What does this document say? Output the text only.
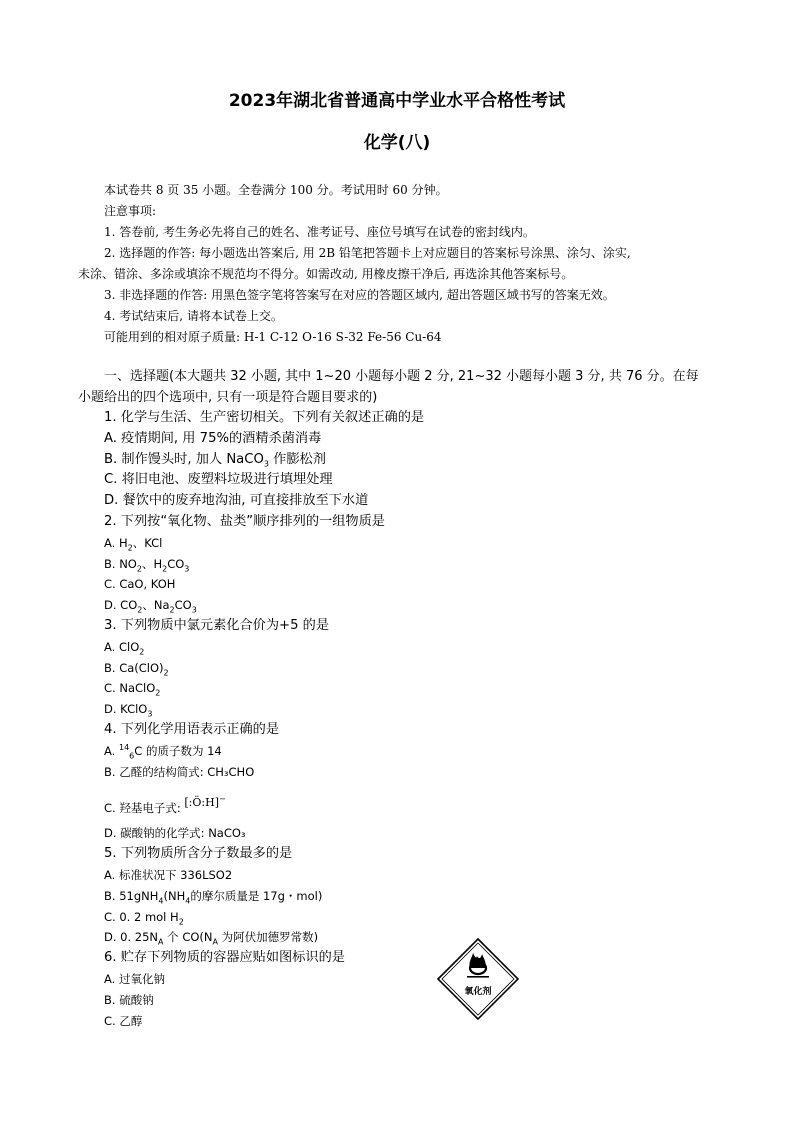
2023年湖北省普通高中学业水平合格性考试
化学(八)
本试卷共 8 页 35 小题。全卷满分 100 分。考试用时 60 分钟。
注意事项:
1. 答卷前, 考生务必先将自己的姓名、准考证号、座位号填写在试卷的密封线内。
2. 选择题的作答: 每小题选出答案后, 用 2B 铅笔把答题卡上对应题目的答案标号涂黑、涂匀、涂实,
未涂、错涂、多涂或填涂不规范均不得分。如需改动, 用橡皮擦干净后, 再选涂其他答案标号。
3. 非选择题的作答: 用黑色签字笔将答案写在对应的答题区域内, 超出答题区域书写的答案无效。
4. 考试结束后, 请将本试卷上交。
可能用到的相对原子质量: H-1 C-12 O-16 S-32 Fe-56 Cu-64
一、选择题(本大题共 32 小题, 其中 1~20 小题每小题 2 分, 21~32 小题每小题 3 分, 共 76 分。在每
小题给出的四个选项中, 只有一项是符合题目要求的)
1. 化学与生活、生产密切相关。下列有关叙述正确的是
A. 疫情期间, 用 75%的酒精杀菌消毒
B. 制作馒头时, 加人 NaCO$_3$ 作膨松剂
C. 将旧电池、废塑料垃圾进行填埋处理
D. 餐饮中的废弃地沟油, 可直接排放至下水道
2. 下列按“氧化物、盐类”顺序排列的一组物质是
A. $H_2$、KCl
B. $NO_2$、$H_2CO_3$
C. CaO, KOH
D. $CO_2$、$Na_2CO_3$
3. 下列物质中氯元素化合价为+5 的是
A. ClO$_2$
B. $Ca(ClO)_2$
C. NaClO$_2$
D. KClO$_3$
4. 下列化学用语表示正确的是
A. $^{14}_6$C 的质子数为 14
B. 乙醛的结构简式: CH₃CHO
C. 羟基电子式: [:Ö:H]−
D. 碳酸钠的化学式: NaCO₃
5. 下列物质所含分子数最多的是
A. 标准状况下 336LSO2
B. $51gNH_4(NH_4$的摩尔质量是 17g・mol)
C. 0. 2 mol $H_2$
D. 0. $25N_A$ 个 $CO(N_A$ 为阿伏加德罗常数)
6. 贮存下列物质的容器应贴如图标识的是
A. 过氧化钠
B. 硫酸钠
C. 乙醇
氧化剂
